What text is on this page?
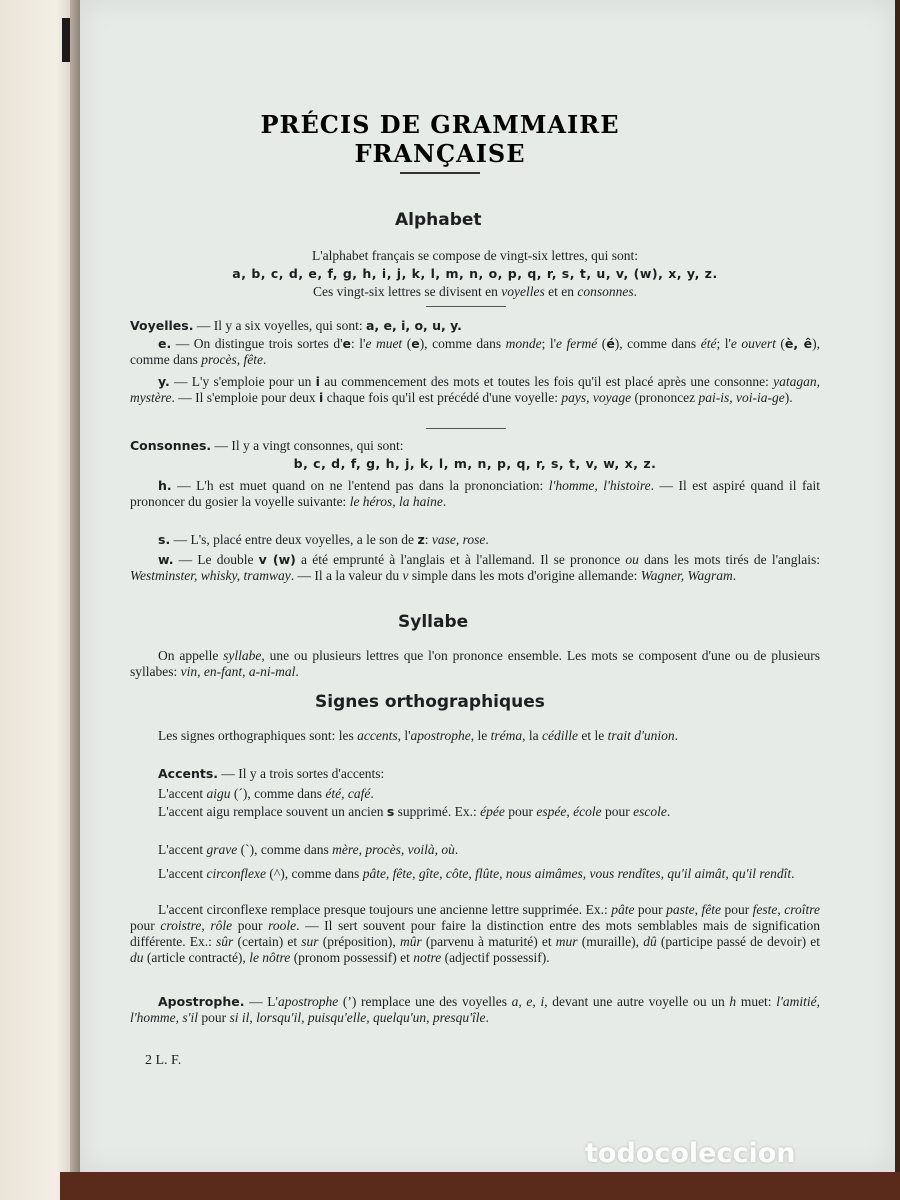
PRÉCIS DE GRAMMAIRE FRANÇAISE
Alphabet

L'alphabet français se compose de vingt-six lettres, qui sont:

a, b, c, d, e, f, g, h, i, j, k, l, m, n, o, p, q, r, s, t, u, v, (w), x, y, z.

Ces vingt-six lettres se divisent en voyelles et en consonnes.

Voyelles. — Il y a six voyelles, qui sont: a, e, i, o, u, y.

e. — On distingue trois sortes d'e: l'e muet (e), comme dans monde; l'e fermé (é), comme dans été; l'e ouvert (è, ê), comme dans procès, fête.

y. — L'y s'emploie pour un i au commencement des mots et toutes les fois qu'il est placé après une consonne: yatagan, mystère. — Il s'emploie pour deux i chaque fois qu'il est précédé d'une voyelle: pays, voyage (prononcez pai-is, voi-ia-ge).

Consonnes. — Il y a vingt consonnes, qui sont:

b, c, d, f, g, h, j, k, l, m, n, p, q, r, s, t, v, w, x, z.

h. — L'h est muet quand on ne l'entend pas dans la prononciation: l'homme, l'histoire. — Il est aspiré quand il fait prononcer du gosier la voyelle suivante: le héros, la haine.

s. — L's, placé entre deux voyelles, a le son de z: vase, rose.

w. — Le double v (w) a été emprunté à l'anglais et à l'allemand. Il se prononce ou dans les mots tirés de l'anglais: Westminster, whisky, tramway. — Il a la valeur du v simple dans les mots d'origine allemande: Wagner, Wagram.

Syllabe

On appelle syllabe, une ou plusieurs lettres que l'on prononce ensemble. Les mots se composent d'une ou de plusieurs syllabes: vin, en-fant, a-ni-mal.

Signes orthographiques

Les signes orthographiques sont: les accents, l'apostrophe, le tréma, la cédille et le trait d'union.

Accents. — Il y a trois sortes d'accents:

L'accent aigu (´), comme dans été, café.

L'accent aigu remplace souvent un ancien s supprimé. Ex.: épée pour espée, école pour escole.

L'accent grave (`), comme dans mère, procès, voilà, où.

L'accent circonflexe (^), comme dans pâte, fête, gîte, côte, flûte, nous aimâmes, vous rendîtes, qu'il aimât, qu'il rendît.

L'accent circonflexe remplace presque toujours une ancienne lettre supprimée. Ex.: pâte pour paste, fête pour feste, croître pour croistre, rôle pour roole. — Il sert souvent pour faire la distinction entre des mots semblables mais de signification différente. Ex.: sûr (certain) et sur (préposition), mûr (parvenu à maturité) et mur (muraille), dû (participe passé de devoir) et du (article contracté), le nôtre (pronom possessif) et notre (adjectif possessif).

Apostrophe. — L'apostrophe (’) remplace une des voyelles a, e, i, devant une autre voyelle ou un h muet: l'amitié, l'homme, s'il pour si il, lorsqu'il, puisqu'elle, quelqu'un, presqu'île.

2 L. F.
todocoleccion
